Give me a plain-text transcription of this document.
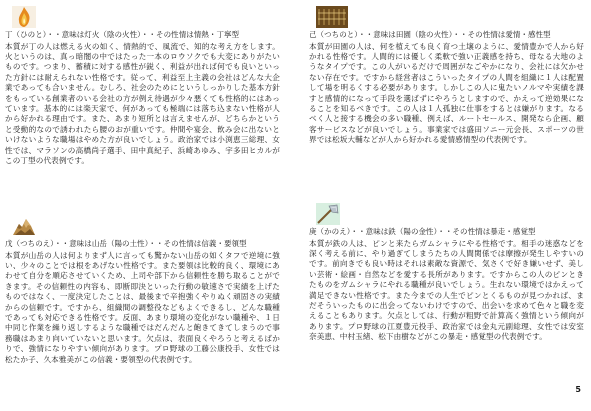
丁（ひのと）・・意味は灯火（陰の火性）・・その性情は情熱・丁寧型

本質が丁の人は燃える火の如く、情熱的で、風流で、知的な考え方をします。火というのは、真っ暗闇の中ではたった一本のロウソクでも大変にありがたいものです。つまり、蓄積に対する感性が鋭く、利益が出れば何でも良いといった方針には耐えられない性格です。従って、利益至上主義の会社はどんな大企業であっても合いません。むしろ、社会のためにというしっかりした基本方針をもっている創業者のいる会社の方が例え待遇が少々悪くても性格的にはあっています。基本的には楽天家で、何があっても極端には落ち込まない性格が人から好かれる理由です。また、あまり短所とは言えませんが、どちらかというと受動的なので誘われたら腰のおが重いです。仲間や宴会、飲み会に出ないといけないような職場はやめた方が良いでしょう。政治家では小渕恵三総理、女性では、マラソンの高橋尚子選手、田中真紀子、浜崎あゆみ、宇多田ヒカルがこの丁型の代表例です。

戊（つちのえ）・・意味は山岳（陽の土性）・・その性情は信義・要領型

本質が山岳の人は何よりまず人に言っても驚かない山岳の如くタフで逆境に強い、少々のことでは根をあげない性格です。また要領は比較的良く、環境にあわせて自分を順応させていくため、上司や部下から信頼性を勝ち取ることができます。その信頼性の内容も、即断即決といった行動の敏速さで実績を上げたものではなく、一度決定したことは、最後まで辛抱強くやりぬく頑固さの実績からの信頼です。ですから、組織間の調整役などもよくできるし、どんな職種であっても対応できる性格です。反面、あまり環境の変化がない職種や、１日中同じ作業を繰り返しするような職種ではだんだんと飽きてきてしまうので事務職はあまり向いていないと思います。欠点は、表面良くやろうと考えるばかりで、強情になりやすい傾向があります。プロ野球の工藤公康投手、女性では松たか子、久本雅美がこの信義・要領型の代表例です。

己（つちのと）・・意味は田園（陰の火性）・・その性情は愛情・感性型

本質が田園の人は、何を植えても良く育つ土壌のように、愛情豊かで人から好かれる性格です。人間的には優しく柔軟で強い正義感を持ち、母なる大地のようなタイプです。この人がいるだけで周囲がなごやかになり、会社には欠かせない存在です。ですから経営者はこういったタイプの人間を組織に１人は配置して場を明るくする必要があります。しかしこの人に鬼たいノルマや実績を課すと感情的になって手段を選ばずにやろうとしますので、かえって逆効果になることを知るべきです。この人は１人孤独に仕事をするとは嫌がります。なるべく人と接する機会の多い職種、例えば、ルートセールス、開発なら企画、顧客サービスなどが良いでしょう。事業家では盛田ソニー元会長、スポーツの世界では松坂大輔などが人から好かれる愛情感情型の代表例です。

庚（かのえ）・・意味は鉄（陽の金性）・・その性情は暴走・感覚型

本質が鉄の人は、ピンと来たらガムシャラにやる性格です。相手の迷惑などを深く考える前に、やり過ぎてしまうたちの人間関係では摩擦が発生しやすいのです。前向きでも良い時はそれは素敵な資源で、気さくで好き嫌いせず、美しい芸術・絵画・自然などを愛する長所があります。ですからこの人のピンときたものをガムシャラにやれる職種が良いでしょう。生れない環境ではかえって満足できない性格です。また今までの人生でピンとくるものが見つかれば、まだそういったものに出会ってないわけですので、出会いを求めて色々と職を変えることもあります。欠点としては、行動が粗野で計算高く強情という傾向があります。プロ野球の江夏豊元投手、政治家では金丸元副総理、女性では安室奈美恵、中村玉緒、松下由樹などがこの暴走・感覚型の代表例です。

5
